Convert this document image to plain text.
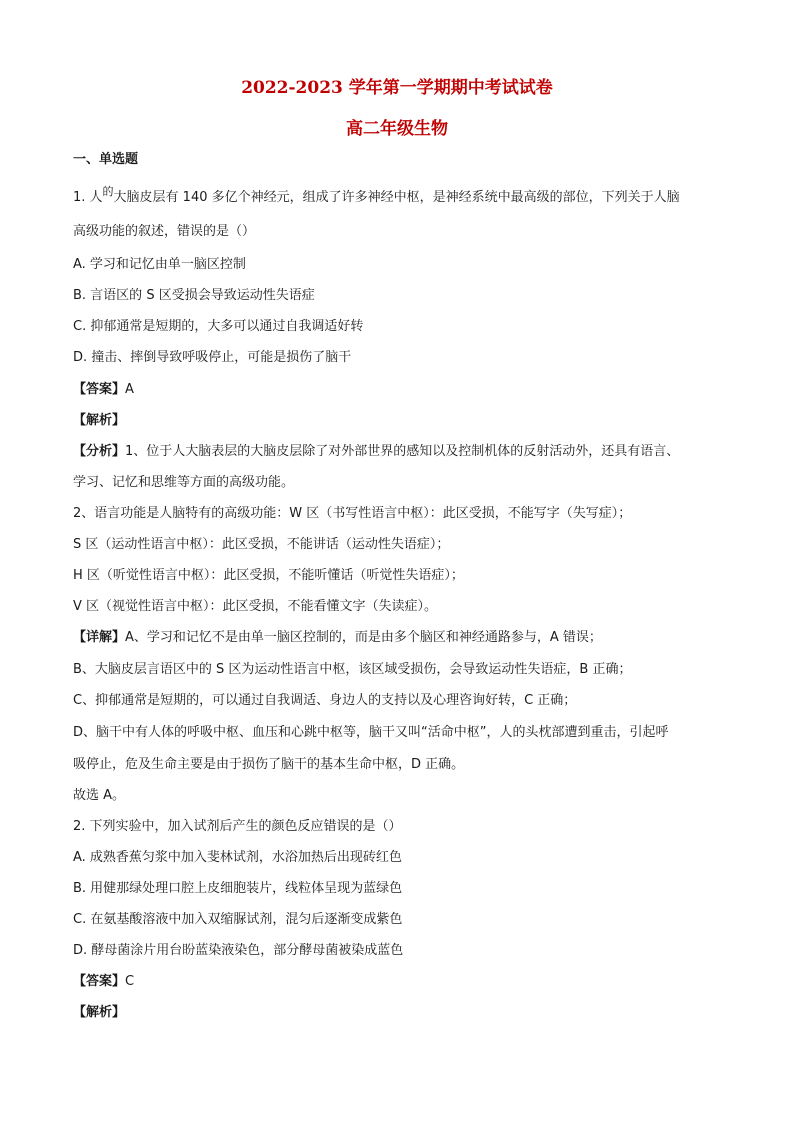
2022-2023 学年第一学期期中考试试卷
高二年级生物
一、单选题
1. 人$^的$大脑皮层有 140 多亿个神经元，组成了许多神经中枢，是神经系统中最高级的部位，下列关于人脑
高级功能的叙述，错误的是（）
A. 学习和记忆由单一脑区控制
B. 言语区的 S 区受损会导致运动性失语症
C. 抑郁通常是短期的，大多可以通过自我调适好转
D. 撞击、摔倒导致呼吸停止，可能是损伤了脑干
【答案】A
【解析】
【分析】1、位于人大脑表层的大脑皮层除了对外部世界的感知以及控制机体的反射活动外，还具有语言、
学习、记忆和思维等方面的高级功能。
2、语言功能是人脑特有的高级功能：W 区（书写性语言中枢）：此区受损，不能写字（失写症）；
S 区（运动性语言中枢）：此区受损，不能讲话（运动性失语症）；
H 区（听觉性语言中枢）：此区受损，不能听懂话（听觉性失语症）；
V 区（视觉性语言中枢）：此区受损，不能看懂文字（失读症）。
【详解】A、学习和记忆不是由单一脑区控制的，而是由多个脑区和神经通路参与，A 错误；
B、大脑皮层言语区中的 S 区为运动性语言中枢，该区域受损伤，会导致运动性失语症，B 正确；
C、抑郁通常是短期的，可以通过自我调适、身边人的支持以及心理咨询好转，C 正确；
D、脑干中有人体的呼吸中枢、血压和心跳中枢等，脑干又叫“活命中枢”，人的头枕部遭到重击，引起呼
吸停止，危及生命主要是由于损伤了脑干的基本生命中枢，D 正确。
故选 A。
2. 下列实验中，加入试剂后产生的颜色反应错误的是（）
A. 成熟香蕉匀浆中加入斐林试剂，水浴加热后出现砖红色
B. 用健那绿处理口腔上皮细胞装片，线粒体呈现为蓝绿色
C. 在氨基酸溶液中加入双缩脲试剂，混匀后逐渐变成紫色
D. 酵母菌涂片用台盼蓝染液染色，部分酵母菌被染成蓝色
【答案】C
【解析】
